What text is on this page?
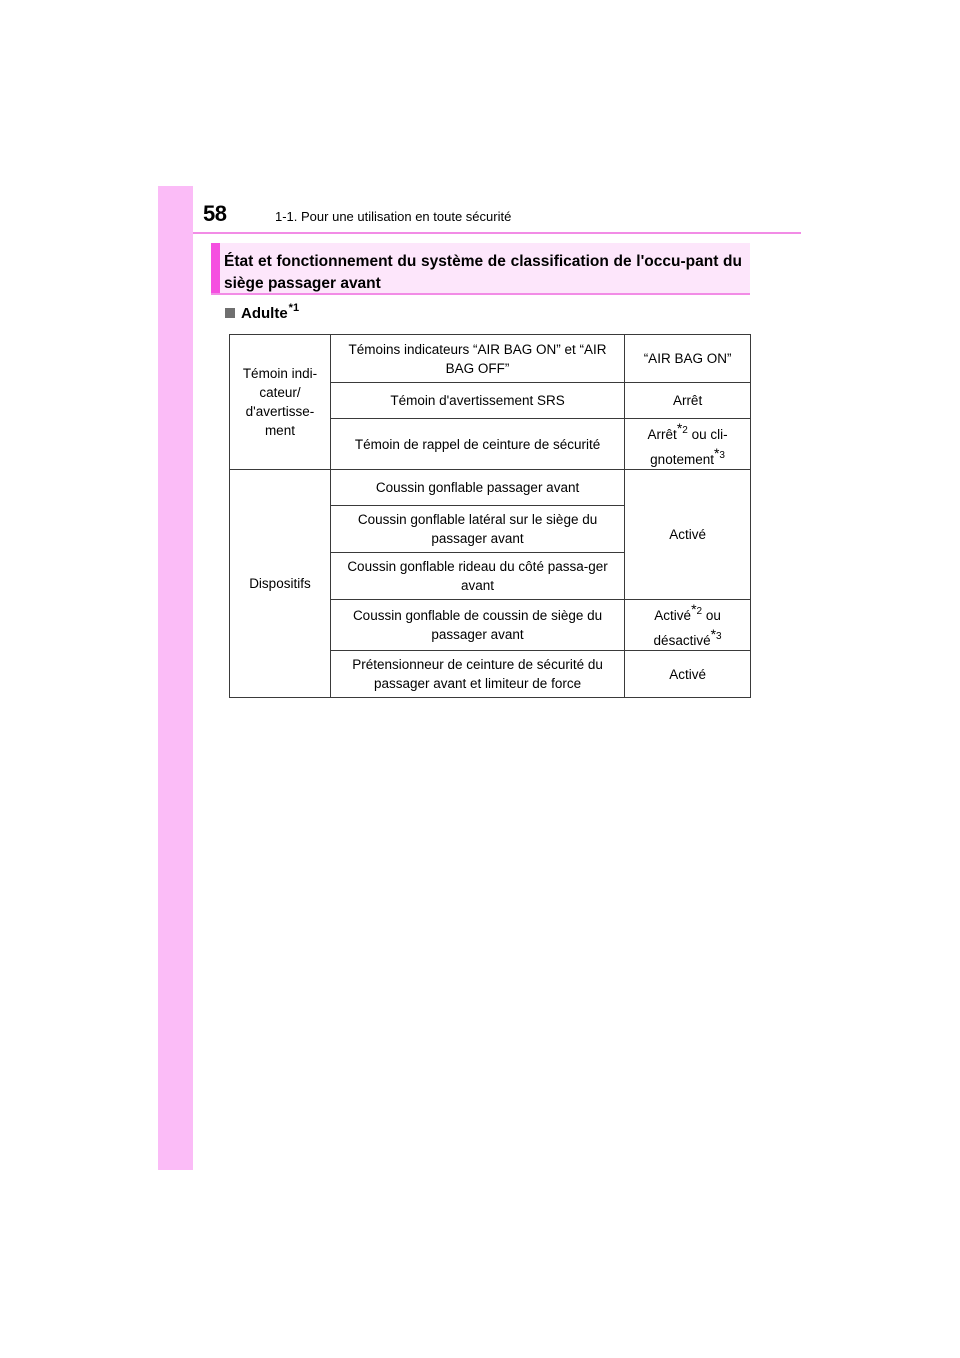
58	1-1. Pour une utilisation en toute sécurité
État et fonctionnement du système de classification de l'occu-pant du siège passager avant
Adulte$^{*1}$
Témoin indi-cateur/ d'avertisse-ment	Témoins indicateurs “AIR BAG ON” et “AIR BAG OFF”	“AIR BAG ON”
	Témoin d'avertissement SRS	Arrêt
	Témoin de rappel de ceinture de sécurité	Arrêt$^{*2}$ ou cli-gnotement$^{*3}$
Dispositifs	Coussin gonflable passager avant	Activé
	Coussin gonflable latéral sur le siège du passager avant	
	Coussin gonflable rideau du côté passa-ger avant	
	Coussin gonflable de coussin de siège du passager avant	Activé$^{*2}$ ou désactivé$^{*3}$
	Prétensionneur de ceinture de sécurité du passager avant et limiteur de force	Activé
